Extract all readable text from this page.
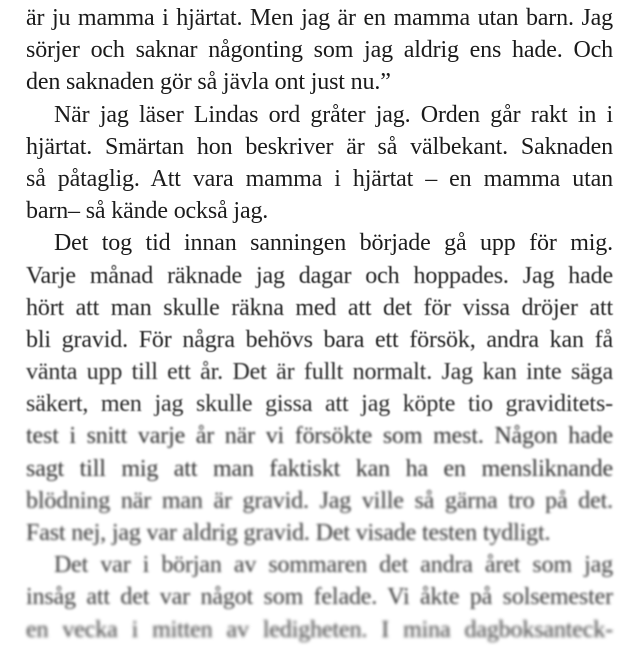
är ju mamma i hjärtat. Men jag är en mamma utan barn. Jag
sörjer och saknar någonting som jag aldrig ens hade. Och
den saknaden gör så jävla ont just nu.”
När jag läser Lindas ord gråter jag. Orden går rakt in i
hjärtat. Smärtan hon beskriver är så välbekant. Saknaden
så påtaglig. Att vara mamma i hjärtat – en mamma utan
barn– så kände också jag.
Det tog tid innan sanningen började gå upp för mig.
Varje månad räknade jag dagar och hoppades. Jag hade
hört att man skulle räkna med att det för vissa dröjer att
bli gravid. För några behövs bara ett försök, andra kan få
vänta upp till ett år. Det är fullt normalt. Jag kan inte säga
säkert, men jag skulle gissa att jag köpte tio graviditets-
test i snitt varje år när vi försökte som mest. Någon hade
sagt till mig att man faktiskt kan ha en mensliknande
blödning när man är gravid. Jag ville så gärna tro på det.
Fast nej, jag var aldrig gravid. Det visade testen tydligt.
Det var i början av sommaren det andra året som jag
insåg att det var något som felade. Vi åkte på solsemester
en vecka i mitten av ledigheten. I mina dagboksanteck-
